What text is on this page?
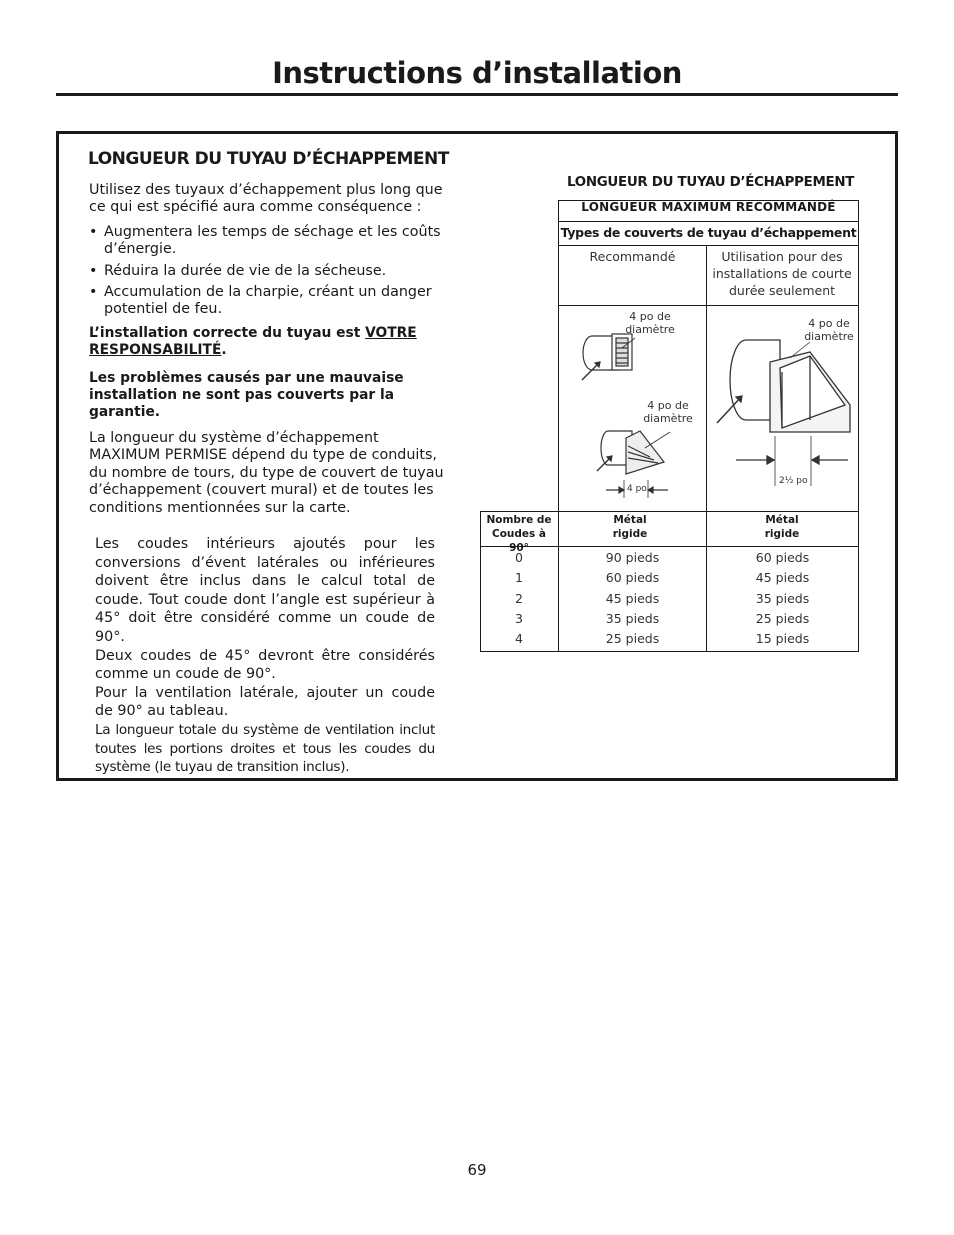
Instructions d’installation
LONGUEUR DU TUYAU D’ÉCHAPPEMENT

Utilisez des tuyaux d’échappement plus long que ce qui est spécifié aura comme conséquence :

• Augmentera les temps de séchage et les coûts d’énergie.
• Réduira la durée de vie de la sécheuse.
• Accumulation de la charpie, créant un danger potentiel de feu.

L’installation correcte du tuyau est VOTRE RESPONSABILITÉ.

Les problèmes causés par une mauvaise installation ne sont pas couverts par la garantie.

La longueur du système d’échappement MAXIMUM PERMISE dépend du type de conduits, du nombre de tours, du type de couvert de tuyau d’échappement (couvert mural) et de toutes les conditions mentionnées sur la carte.

Les coudes intérieurs ajoutés pour les conversions d’évent latérales ou inférieures doivent être inclus dans le calcul total de coude. Tout coude dont l’angle est supérieur à 45° doit être considéré comme un coude de 90°.
Deux coudes de 45° devront être considérés comme un coude de 90°.
Pour la ventilation latérale, ajouter un coude de 90° au tableau.
La longueur totale du système de ventilation inclut toutes les portions droites et tous les coudes du système (le tuyau de transition inclus).
LONGUEUR DU TUYAU D’ÉCHAPPEMENT
LONGUEUR MAXIMUM RECOMMANDÉ
Types de couverts de tuyau d’échappement
Recommandé	Utilisation pour des installations de courte durée seulement
4 po de diamètre
4 po de diamètre
4 po de diamètre
4 po
2½ po
Nombre de Coudes à 90°
Métal rigide
Métal rigide
0
1
2
3
4
90 pieds
60 pieds
45 pieds
35 pieds
25 pieds
60 pieds
45 pieds
35 pieds
25 pieds
15 pieds
69
